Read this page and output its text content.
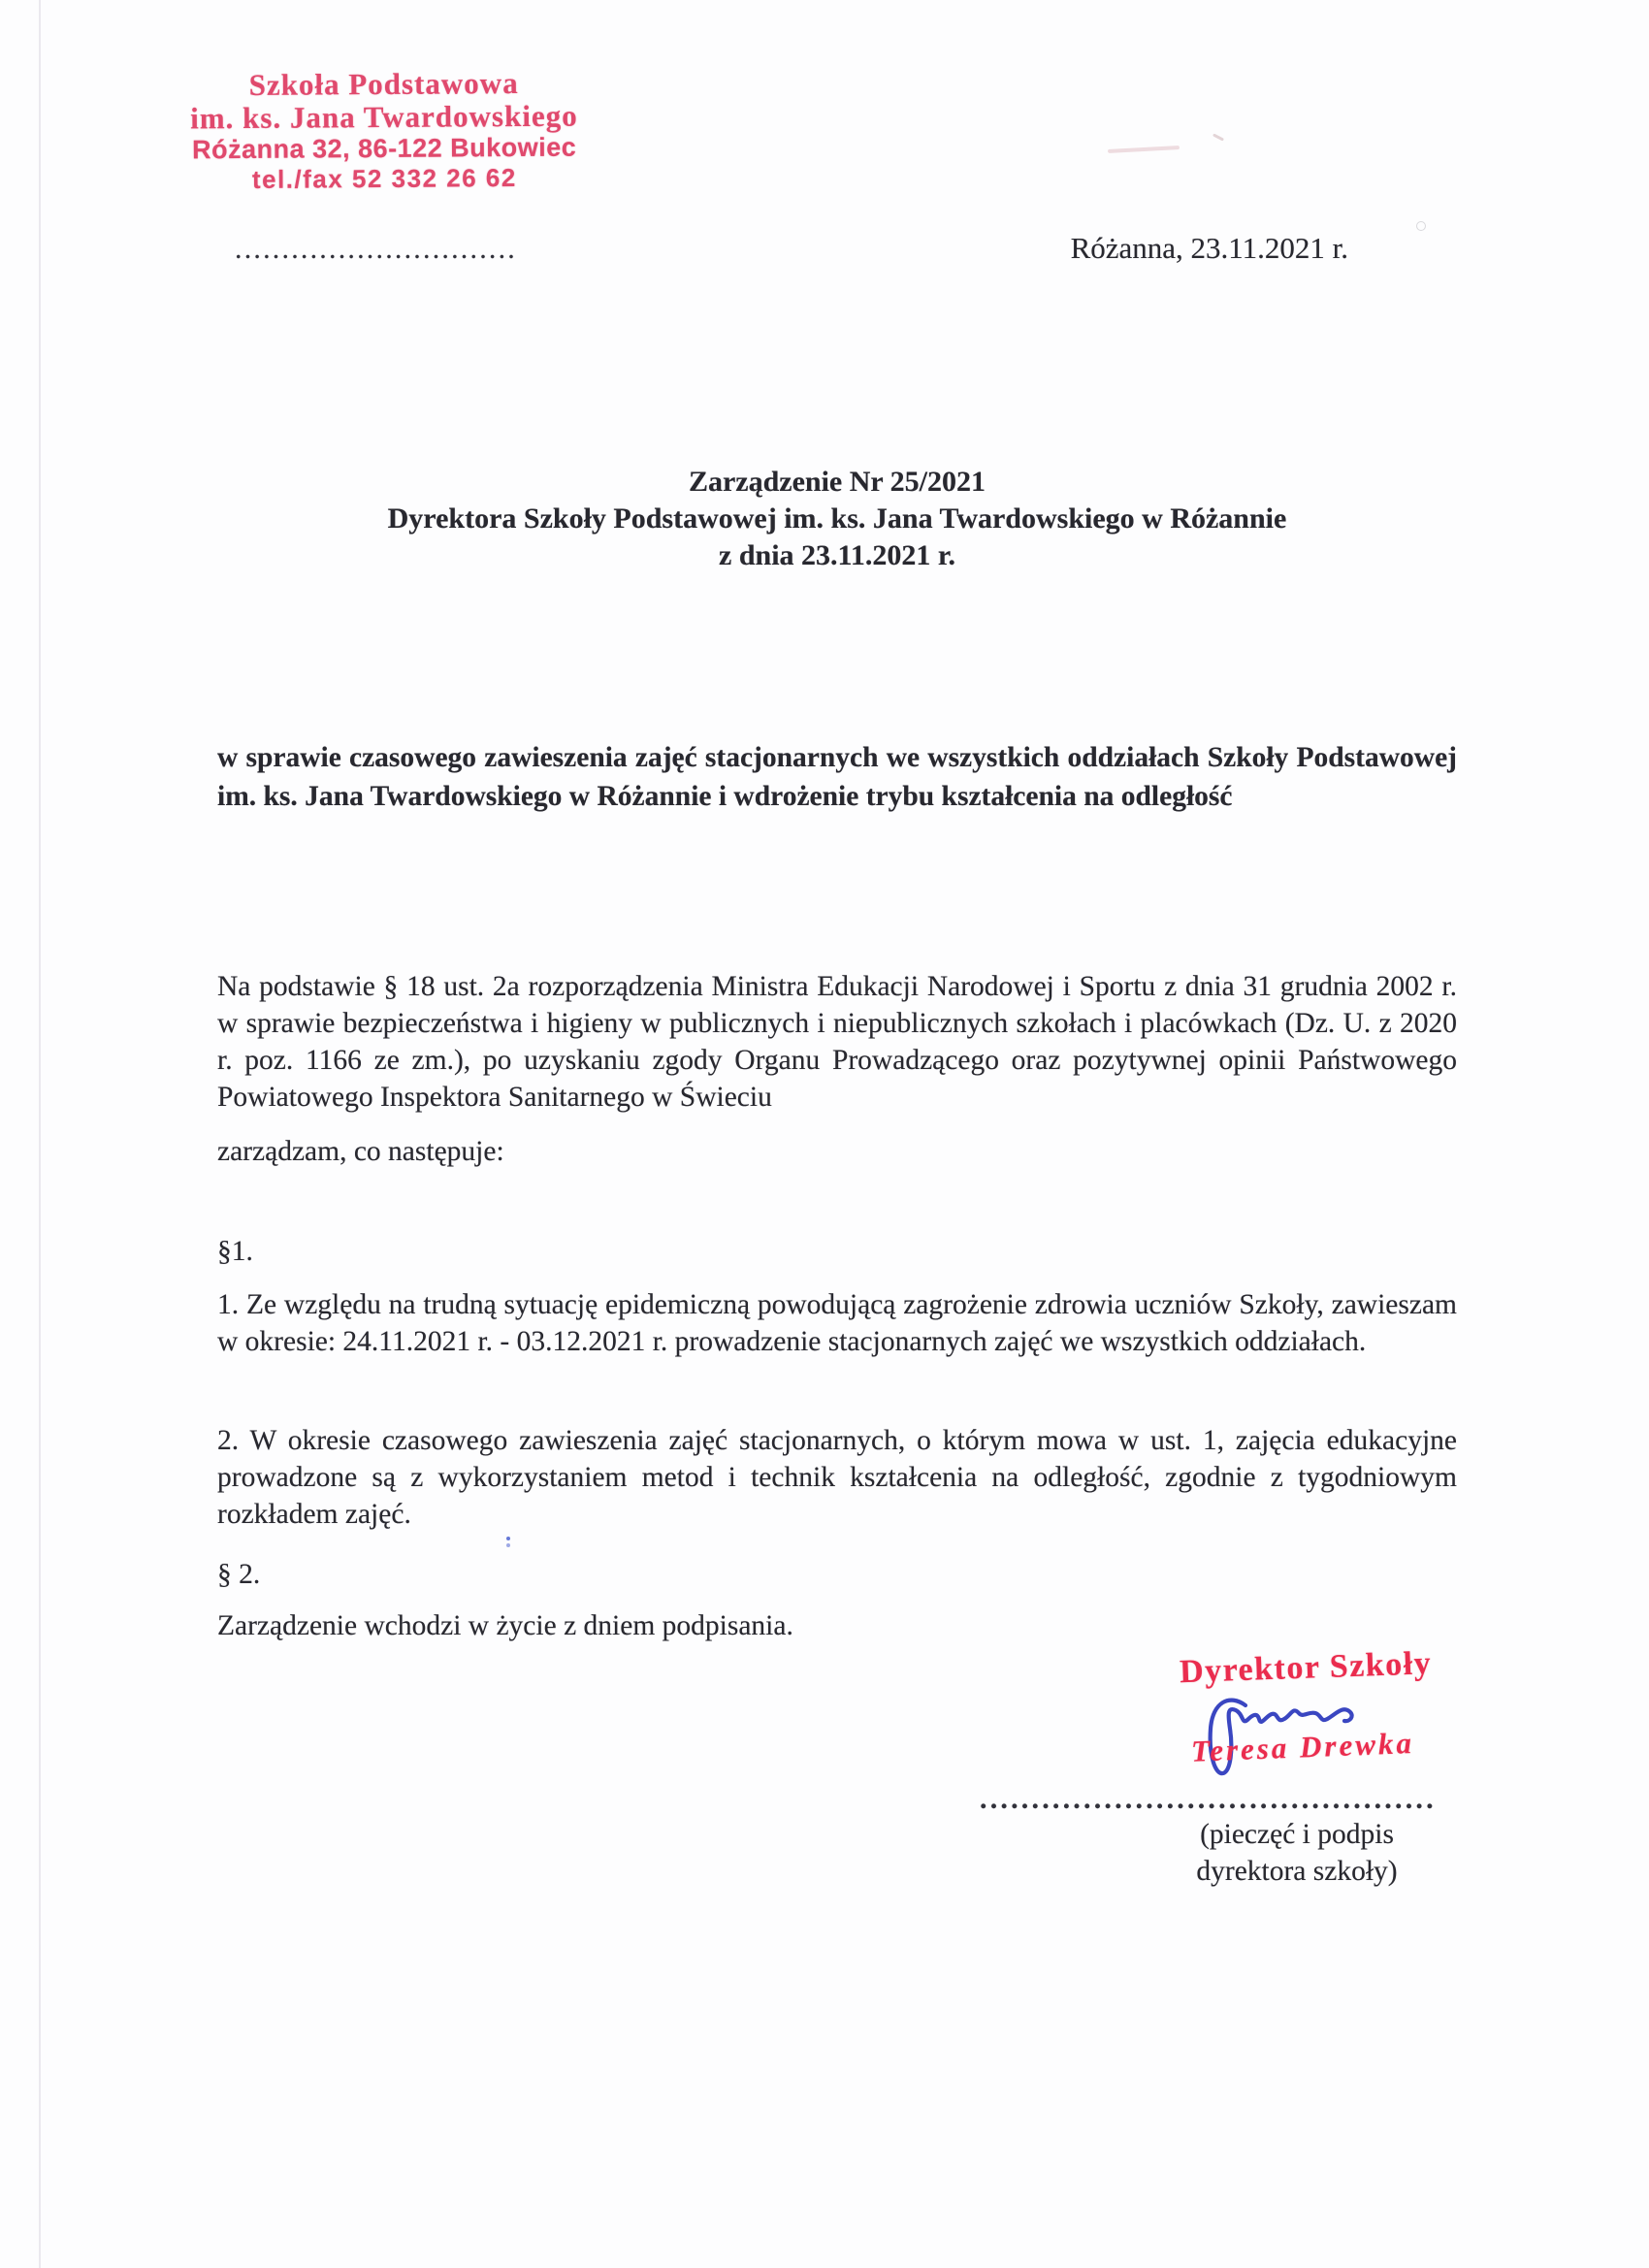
Szkoła Podstawowa
im. ks. Jana Twardowskiego
Różanna 32, 86-122 Bukowiec
tel./fax 52 332 26 62
..............................	Różanna, 23.11.2021 r.
Zarządzenie Nr 25/2021
Dyrektora Szkoły Podstawowej im. ks. Jana Twardowskiego w Różannie
z dnia 23.11.2021 r.
w sprawie czasowego zawieszenia zajęć stacjonarnych we wszystkich oddziałach Szkoły Podstawowej im. ks. Jana Twardowskiego w Różannie i wdrożenie trybu kształcenia na odległość
Na podstawie § 18 ust. 2a rozporządzenia Ministra Edukacji Narodowej i Sportu z dnia 31 grudnia 2002 r. w sprawie bezpieczeństwa i higieny w publicznych i niepublicznych szkołach i placówkach (Dz. U. z 2020 r. poz. 1166 ze zm.), po uzyskaniu zgody Organu Prowadzącego oraz pozytywnej opinii Państwowego Powiatowego Inspektora Sanitarnego w Świeciu
zarządzam, co następuje:
§1.
1. Ze względu na trudną sytuację epidemiczną powodującą zagrożenie zdrowia uczniów Szkoły, zawieszam w okresie: 24.11.2021 r. - 03.12.2021 r. prowadzenie stacjonarnych zajęć we wszystkich oddziałach.
2. W okresie czasowego zawieszenia zajęć stacjonarnych, o którym mowa w ust. 1, zajęcia edukacyjne prowadzone są z wykorzystaniem metod i technik kształcenia na odległość, zgodnie z tygodniowym rozkładem zajęć.
§ 2.
Zarządzenie wchodzi w życie z dniem podpisania.
Dyrektor Szkoły
Teresa Drewka
............................................
(pieczęć i podpis
dyrektora szkoły)
